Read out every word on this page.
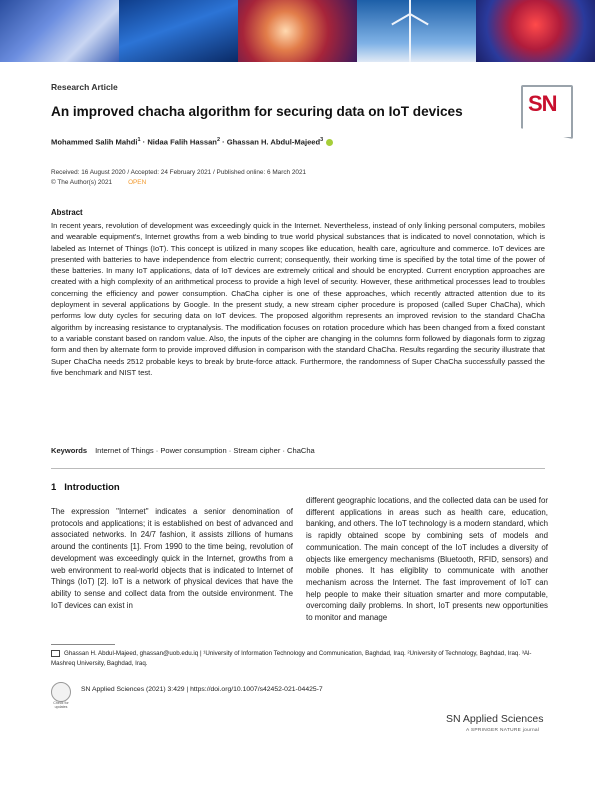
Research Article
An improved chacha algorithm for securing data on IoT devices
Mohammed Salih Mahdi$^1$ · Nidaa Falih Hassan$^2$ · Ghassan H. Abdul-Majeed$^3$
Received: 16 August 2020 / Accepted: 24 February 2021 / Published online: 6 March 2021
© The Author(s) 2021	OPEN
SN
Abstract
In recent years, revolution of development was exceedingly quick in the Internet. Nevertheless, instead of only linking personal computers, mobiles and wearable equipment's, Internet growths from a web binding to true world physical substances that is indicated to novel connotation, which is labeled as Internet of Things (IoT). This concept is utilized in many scopes like education, health care, agriculture and commerce. IoT devices are presented with batteries to have independence from electric current; consequently, their working time is specified by the total time of the power of these batteries. In many IoT applications, data of IoT devices are extremely critical and should be encrypted. Current encryption approaches are created with a high complexity of an arithmetical process to provide a high level of security. However, these arithmetical processes lead to troubles concerning the efficiency and power consumption. ChaCha cipher is one of these approaches, which recently attracted attention due to its deployment in several applications by Google. In the present study, a new stream cipher procedure is proposed (called Super ChaCha), which performs low duty cycles for securing data on IoT devices. The proposed algorithm represents an improved revision to the standard ChaCha algorithm by increasing resistance to cryptanalysis. The modification focuses on rotation procedure which has been changed from a fixed constant to a variable constant based on random value. Also, the inputs of the cipher are changing in the columns form followed by diagonals form to zigzag form and then by alternate form to provide improved diffusion in comparison with the standard ChaCha. Results regarding the security illustrate that Super ChaCha needs 2512 probable keys to break by brute-force attack. Furthermore, the randomness of Super ChaCha successfully passed the five benchmark and NIST test.
Keywords Internet of Things · Power consumption · Stream cipher · ChaCha
1 Introduction
The expression "Internet" indicates a senior denomination of protocols and applications; it is established on best of advanced and associated networks. In 24/7 fashion, it assists zillions of humans around the continents [1]. From 1990 to the time being, revolution of development was exceedingly quick in the Internet, growths from a web environment to real-world objects that is indicated to Internet of Things (IoT) [2]. IoT is a network of physical devices that have the ability to sense and collect data from the outside environment. The IoT devices can exist in
different geographic locations, and the collected data can be used for different applications in areas such as health care, education, banking, and others. The IoT technology is a modern standard, which is rapidly obtained scope by combining sets of models and communication. The main concept of the IoT includes a diversity of objects like emergency mechanisms (Bluetooth, RFID, sensors) and mobile phones. It has eligiblity to communicate with another mechanism across the Internet. The fast improvement of IoT can help people to make their situation smarter and more computable, overcoming daily problems. In short, IoT presents new opportunities to monitor and manage
Ghassan H. Abdul-Majeed, ghassan@uob.edu.iq | ¹University of Information Technology and Communication, Baghdad, Iraq. ²University of Technology, Baghdad, Iraq. ³Al-Mashreq University, Baghdad, Iraq.
Check for updates
SN Applied Sciences (2021) 3:429 | https://doi.org/10.1007/s42452-021-04425-7
SN Applied Sciences
A SPRINGER NATURE journal
